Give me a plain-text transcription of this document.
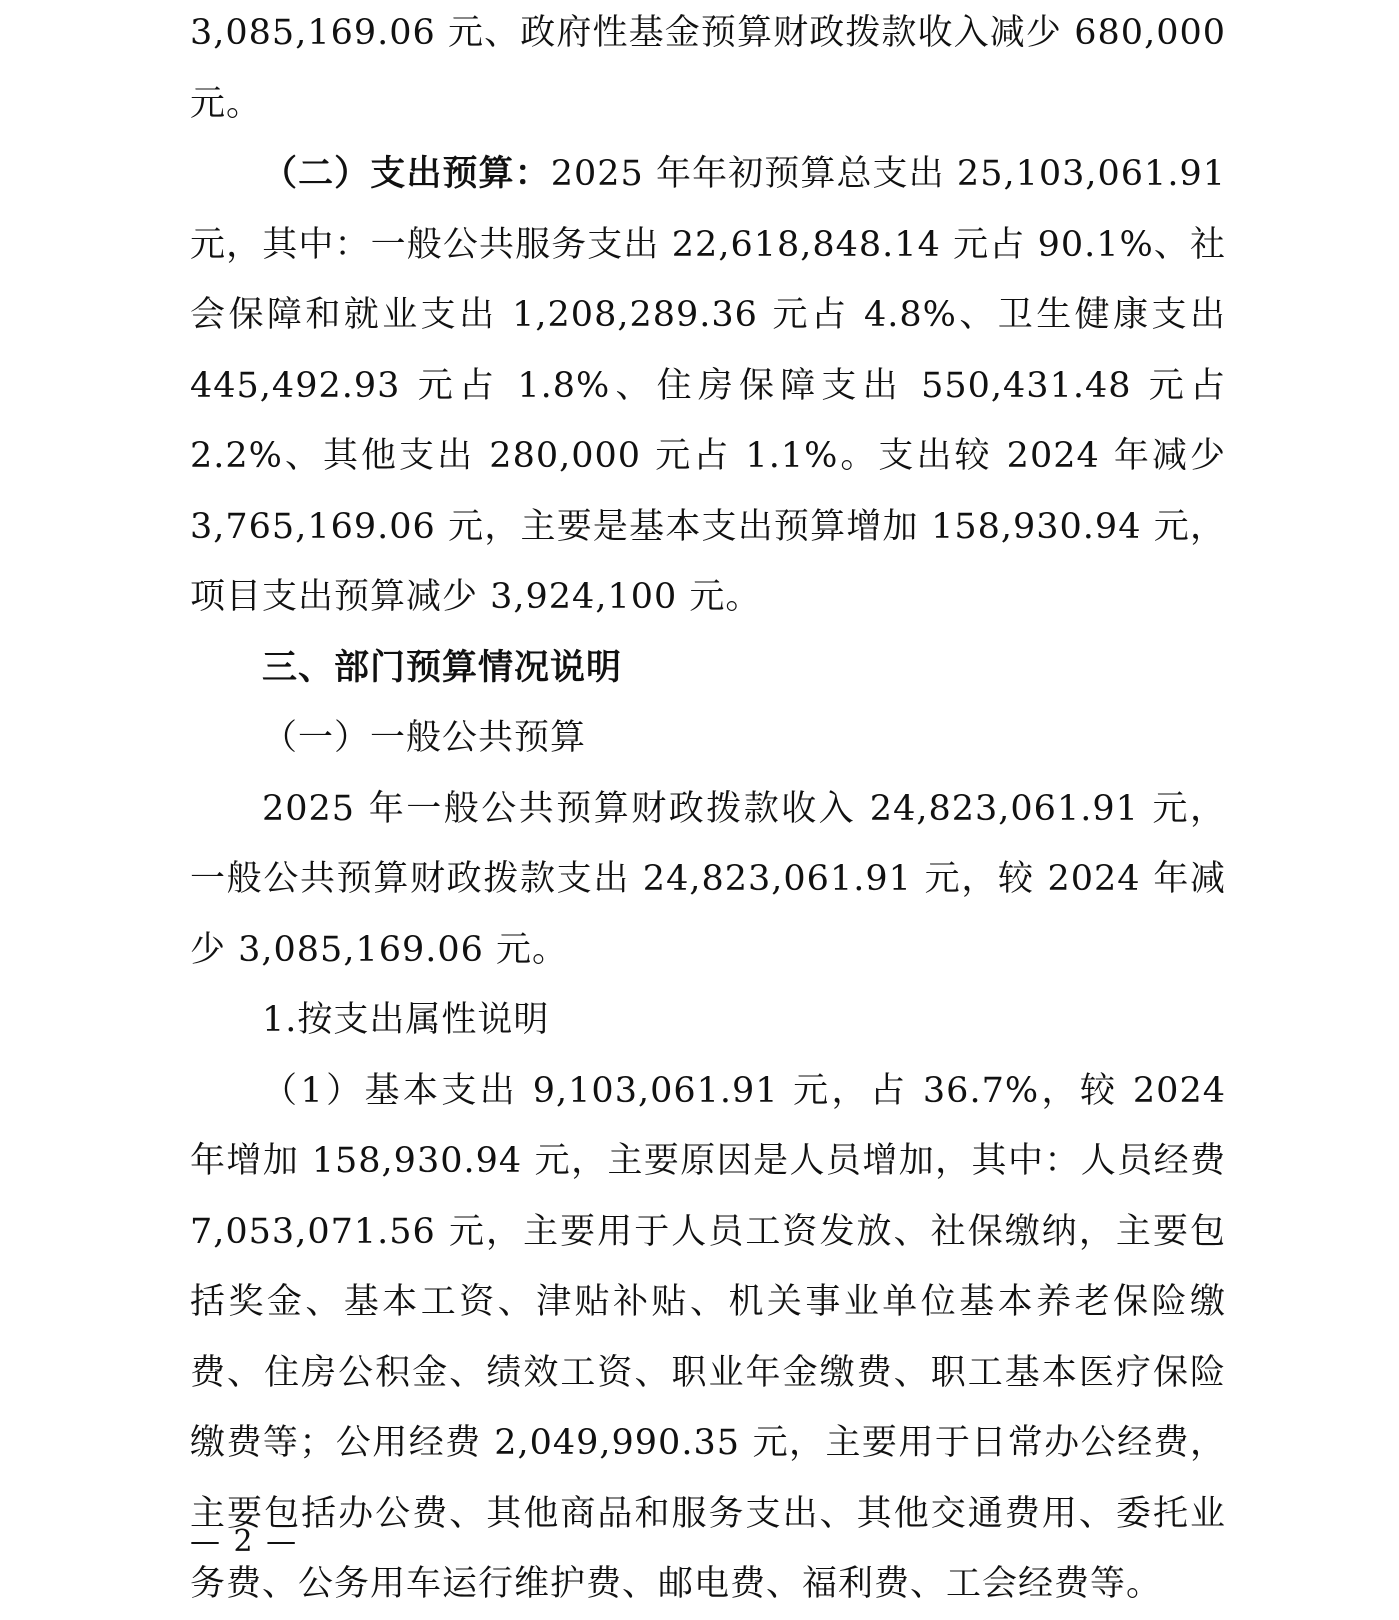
3,085,169.06 元、政府性基金预算财政拨款收入减少 680,000 元。

（二）支出预算：2025 年年初预算总支出 25,103,061.91 元，其中：一般公共服务支出 22,618,848.14 元占 90.1%、社会保障和就业支出 1,208,289.36 元占 4.8%、卫生健康支出 445,492.93 元占 1.8%、住房保障支出 550,431.48 元占 2.2%、其他支出 280,000 元占 1.1%。支出较 2024 年减少 3,765,169.06 元，主要是基本支出预算增加 158,930.94 元，项目支出预算减少 3,924,100 元。

三、部门预算情况说明

（一）一般公共预算

2025 年一般公共预算财政拨款收入 24,823,061.91 元，一般公共预算财政拨款支出 24,823,061.91 元，较 2024 年减少 3,085,169.06 元。

1.按支出属性说明

（1）基本支出 9,103,061.91 元，占 36.7%，较 2024 年增加 158,930.94 元，主要原因是人员增加，其中：人员经费 7,053,071.56 元，主要用于人员工资发放、社保缴纳，主要包括奖金、基本工资、津贴补贴、机关事业单位基本养老保险缴费、住房公积金、绩效工资、职业年金缴费、职工基本医疗保险缴费等；公用经费 2,049,990.35 元，主要用于日常办公经费，主要包括办公费、其他商品和服务支出、其他交通费用、委托业务费、公务用车运行维护费、邮电费、福利费、工会经费等。

— 2 —
